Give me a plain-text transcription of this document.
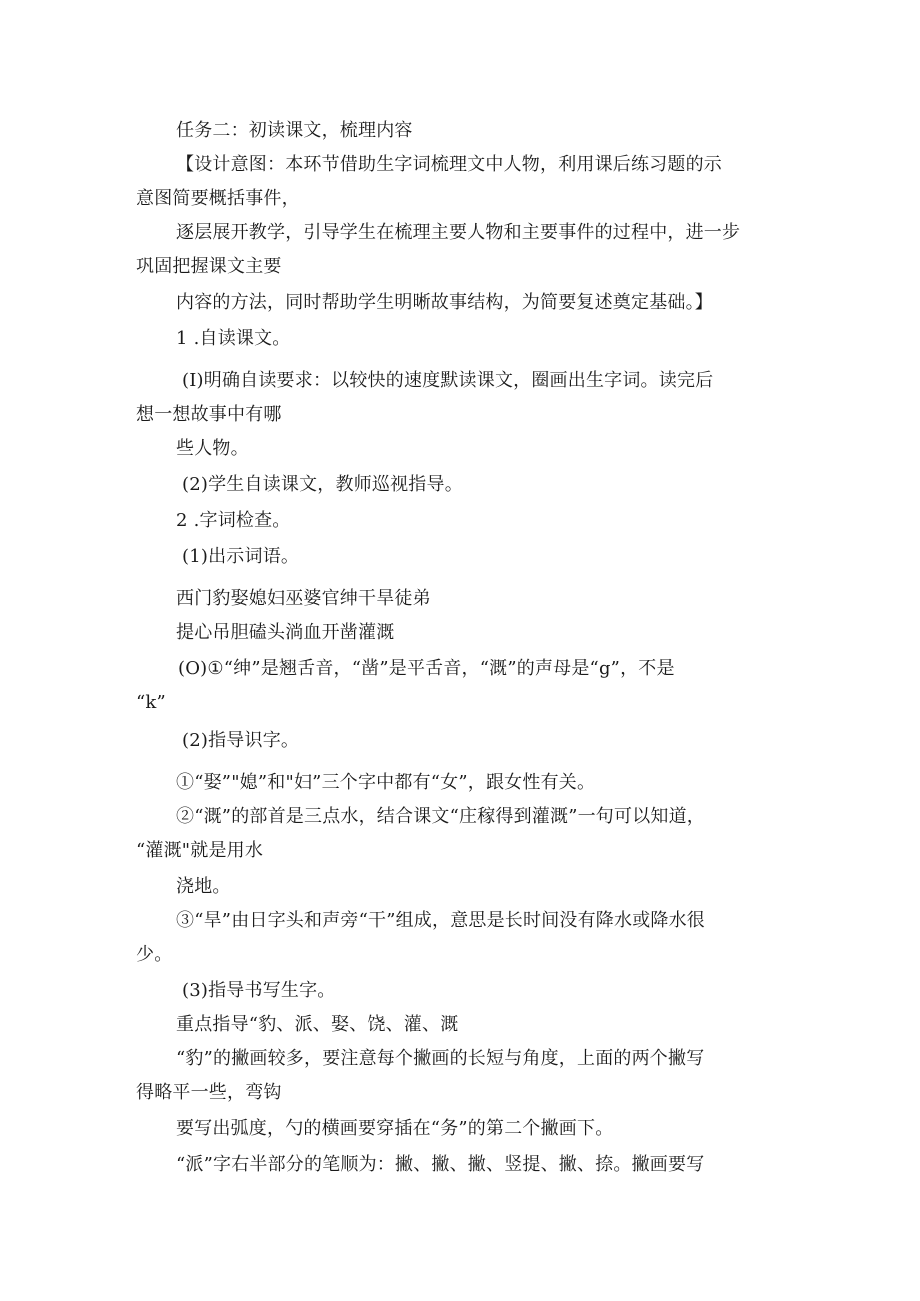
任务二：初读课文，梳理内容
【设计意图：本环节借助生字词梳理文中人物，利用课后练习题的示
意图简要概括事件，
逐层展开教学，引导学生在梳理主要人物和主要事件的过程中，进一步
巩固把握课文主要
内容的方法，同时帮助学生明晰故事结构，为简要复述奠定基础。】
1 .自读课文。
(I)明确自读要求：以较快的速度默读课文，圈画出生字词。读完后
想一想故事中有哪
些人物。
(2)学生自读课文，教师巡视指导。
2 .字词检查。
(1)出示词语。
西门豹娶媳妇巫婆官绅干旱徒弟
提心吊胆磕头淌血开凿灌溉
(O)①“绅”是翘舌音，“凿”是平舌音，“溉”的声母是“g”，不是
“k”
(2)指导识字。
①“娶”"媳”和"妇”三个字中都有“女”，跟女性有关。
②“溉”的部首是三点水，结合课文“庄稼得到灌溉”一句可以知道，
“灌溉"就是用水
浇地。
③“旱”由日字头和声旁“干”组成，意思是长时间没有降水或降水很
少。
(3)指导书写生字。
重点指导“豹、派、娶、饶、灌、溉
“豹”的撇画较多，要注意每个撇画的长短与角度，上面的两个撇写
得略平一些，弯钩
要写出弧度，勺的横画要穿插在“务”的第二个撇画下。
“派”字右半部分的笔顺为：撇、撇、撇、竖提、撇、捺。撇画要写
